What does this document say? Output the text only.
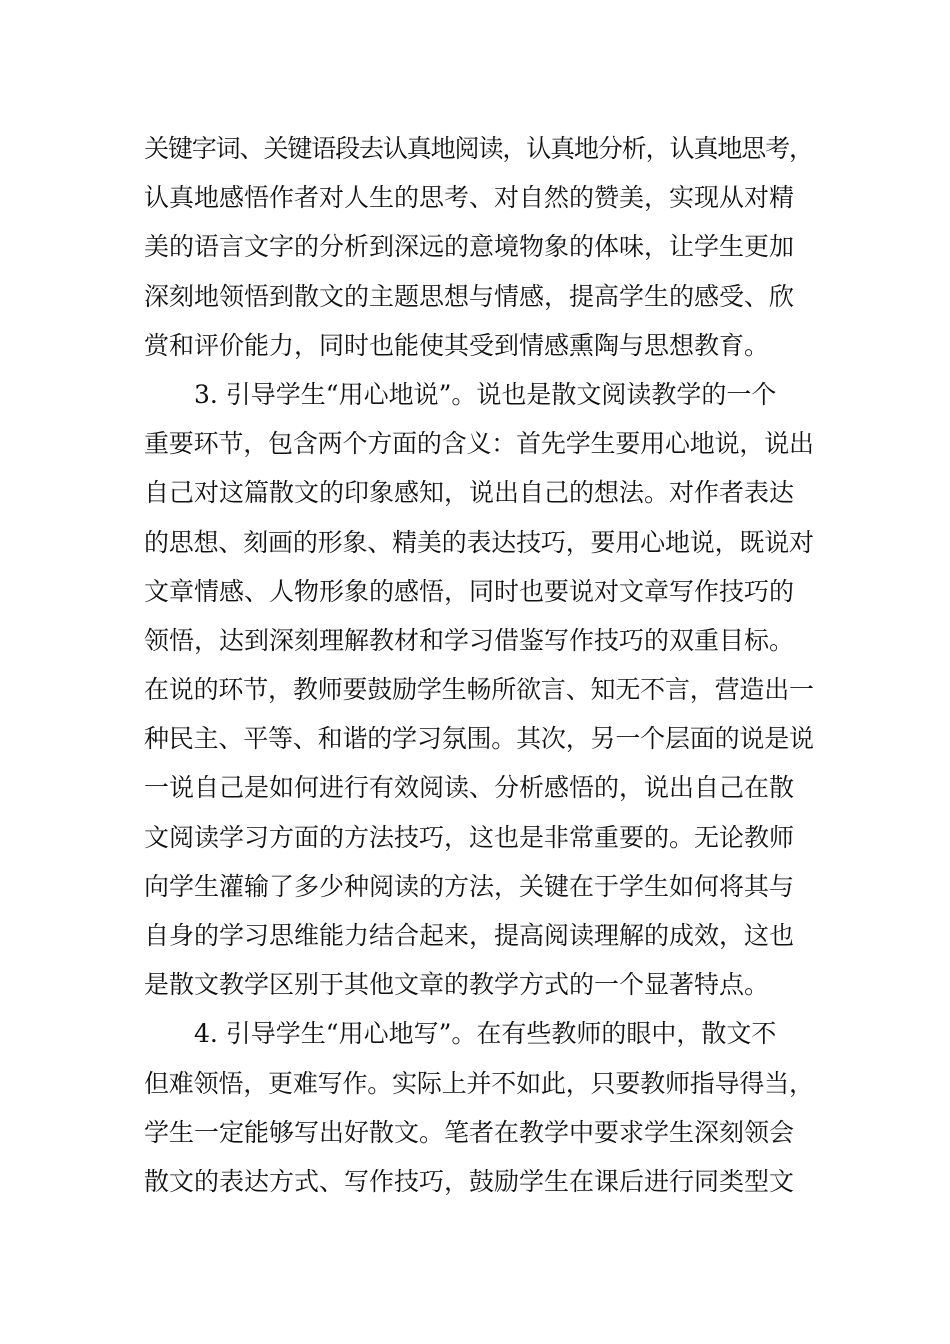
关键字词、关键语段去认真地阅读，认真地分析，认真地思考，
认真地感悟作者对人生的思考、对自然的赞美，实现从对精
美的语言文字的分析到深远的意境物象的体味，让学生更加
深刻地领悟到散文的主题思想与情感，提高学生的感受、欣
赏和评价能力，同时也能使其受到情感熏陶与思想教育。
3. 引导学生“用心地说”。说也是散文阅读教学的一个
重要环节，包含两个方面的含义：首先学生要用心地说，说出
自己对这篇散文的印象感知，说出自己的想法。对作者表达
的思想、刻画的形象、精美的表达技巧，要用心地说，既说对
文章情感、人物形象的感悟，同时也要说对文章写作技巧的
领悟，达到深刻理解教材和学习借鉴写作技巧的双重目标。
在说的环节，教师要鼓励学生畅所欲言、知无不言，营造出一
种民主、平等、和谐的学习氛围。其次，另一个层面的说是说
一说自己是如何进行有效阅读、分析感悟的，说出自己在散
文阅读学习方面的方法技巧，这也是非常重要的。无论教师
向学生灌输了多少种阅读的方法，关键在于学生如何将其与
自身的学习思维能力结合起来，提高阅读理解的成效，这也
是散文教学区别于其他文章的教学方式的一个显著特点。
4. 引导学生“用心地写”。在有些教师的眼中，散文不
但难领悟，更难写作。实际上并不如此，只要教师指导得当，
学生一定能够写出好散文。笔者在教学中要求学生深刻领会
散文的表达方式、写作技巧，鼓励学生在课后进行同类型文
